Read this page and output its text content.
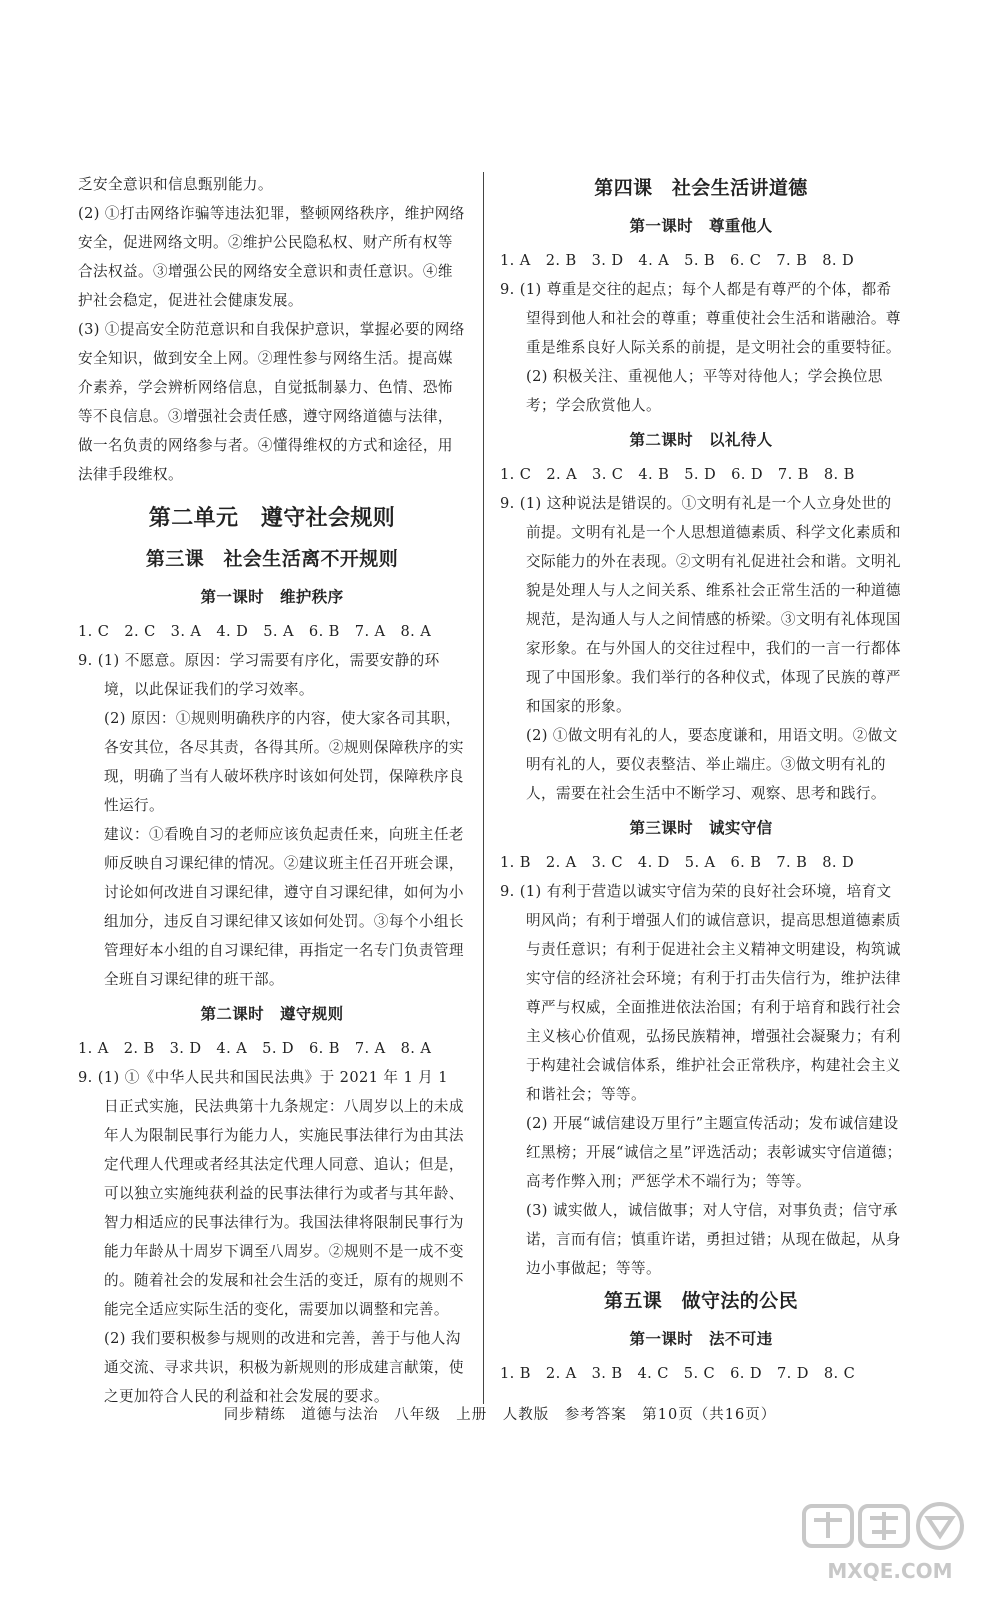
乏安全意识和信息甄别能力。

(2) ①打击网络诈骗等违法犯罪，整顿网络秩序，维护网络安全，促进网络文明。②维护公民隐私权、财产所有权等合法权益。③增强公民的网络安全意识和责任意识。④维护社会稳定，促进社会健康发展。

(3) ①提高安全防范意识和自我保护意识，掌握必要的网络安全知识，做到安全上网。②理性参与网络生活。提高媒介素养，学会辨析网络信息，自觉抵制暴力、色情、恐怖等不良信息。③增强社会责任感，遵守网络道德与法律，做一名负责的网络参与者。④懂得维权的方式和途径，用法律手段维权。

第二单元　遵守社会规则
第三课　社会生活离不开规则
第一课时　维护秩序

1. C　2. C　3. A　4. D　5. A　6. B　7. A　8. A

9. (1) 不愿意。原因：学习需要有序化，需要安静的环境，以此保证我们的学习效率。

(2) 原因：①规则明确秩序的内容，使大家各司其职，各安其位，各尽其责，各得其所。②规则保障秩序的实现，明确了当有人破坏秩序时该如何处罚，保障秩序良性运行。

建议：①看晚自习的老师应该负起责任来，向班主任老师反映自习课纪律的情况。②建议班主任召开班会课，讨论如何改进自习课纪律，遵守自习课纪律，如何为小组加分，违反自习课纪律又该如何处罚。③每个小组长管理好本小组的自习课纪律，再指定一名专门负责管理全班自习课纪律的班干部。

第二课时　遵守规则

1. A　2. B　3. D　4. A　5. D　6. B　7. A　8. A

9. (1) ①《中华人民共和国民法典》于 2021 年 1 月 1 日正式实施，民法典第十九条规定：八周岁以上的未成年人为限制民事行为能力人，实施民事法律行为由其法定代理人代理或者经其法定代理人同意、追认；但是，可以独立实施纯获利益的民事法律行为或者与其年龄、智力相适应的民事法律行为。我国法律将限制民事行为能力年龄从十周岁下调至八周岁。②规则不是一成不变的。随着社会的发展和社会生活的变迁，原有的规则不能完全适应实际生活的变化，需要加以调整和完善。

(2) 我们要积极参与规则的改进和完善，善于与他人沟通交流、寻求共识，积极为新规则的形成建言献策，使之更加符合人民的利益和社会发展的要求。

第四课　社会生活讲道德
第一课时　尊重他人

1. A　2. B　3. D　4. A　5. B　6. C　7. B　8. D

9. (1) 尊重是交往的起点；每个人都是有尊严的个体，都希望得到他人和社会的尊重；尊重使社会生活和谐融洽。尊重是维系良好人际关系的前提，是文明社会的重要特征。

(2) 积极关注、重视他人；平等对待他人；学会换位思考；学会欣赏他人。

第二课时　以礼待人

1. C　2. A　3. C　4. B　5. D　6. D　7. B　8. B

9. (1) 这种说法是错误的。①文明有礼是一个人立身处世的前提。文明有礼是一个人思想道德素质、科学文化素质和交际能力的外在表现。②文明有礼促进社会和谐。文明礼貌是处理人与人之间关系、维系社会正常生活的一种道德规范，是沟通人与人之间情感的桥梁。③文明有礼体现国家形象。在与外国人的交往过程中，我们的一言一行都体现了中国形象。我们举行的各种仪式，体现了民族的尊严和国家的形象。

(2) ①做文明有礼的人，要态度谦和，用语文明。②做文明有礼的人，要仪表整洁、举止端庄。③做文明有礼的人，需要在社会生活中不断学习、观察、思考和践行。

第三课时　诚实守信

1. B　2. A　3. C　4. D　5. A　6. B　7. B　8. D

9. (1) 有利于营造以诚实守信为荣的良好社会环境，培育文明风尚；有利于增强人们的诚信意识，提高思想道德素质与责任意识；有利于促进社会主义精神文明建设，构筑诚实守信的经济社会环境；有利于打击失信行为，维护法律尊严与权威，全面推进依法治国；有利于培育和践行社会主义核心价值观，弘扬民族精神，增强社会凝聚力；有利于构建社会诚信体系，维护社会正常秩序，构建社会主义和谐社会；等等。

(2) 开展“诚信建设万里行”主题宣传活动；发布诚信建设红黑榜；开展“诚信之星”评选活动；表彰诚实守信道德；高考作弊入刑；严惩学术不端行为；等等。

(3) 诚实做人，诚信做事；对人守信，对事负责；信守承诺，言而有信；慎重许诺，勇担过错；从现在做起，从身边小事做起；等等。

第五课　做守法的公民
第一课时　法不可违

1. B　2. A　3. B　4. C　5. C　6. D　7. D　8. C

同步精练　道德与法治　八年级　上册　人教版　参考答案　第10页（共16页）
MXQE.COM
